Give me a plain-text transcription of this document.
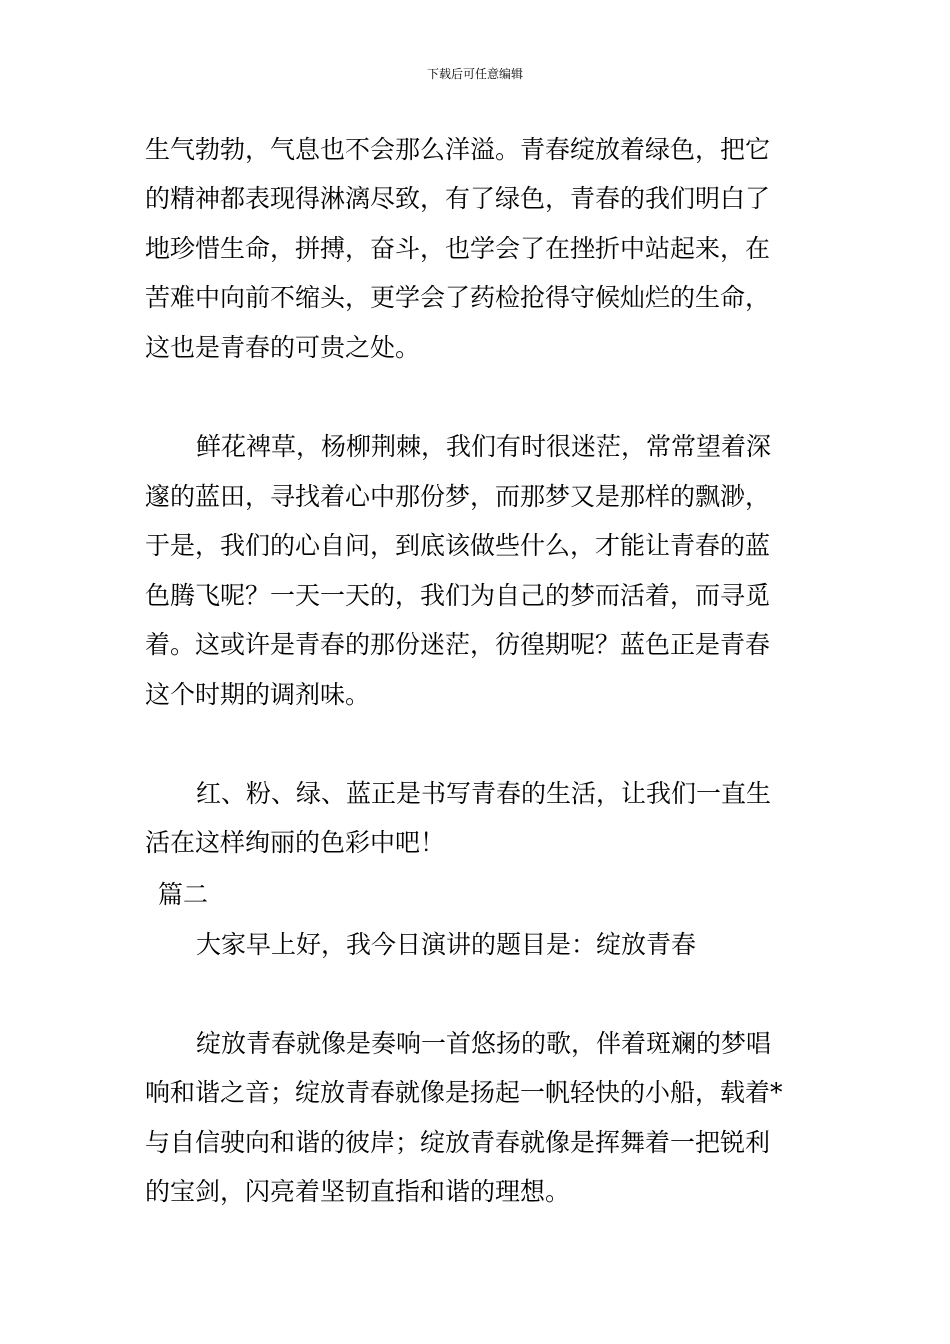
下载后可任意编辑
生气勃勃，气息也不会那么洋溢。青春绽放着绿色，把它
的精神都表现得淋漓尽致，有了绿色，青春的我们明白了
地珍惜生命，拼搏，奋斗，也学会了在挫折中站起来，在
苦难中向前不缩头，更学会了药检抢得守候灿烂的生命，
这也是青春的可贵之处。
鲜花裨草，杨柳荆棘，我们有时很迷茫，常常望着深
邃的蓝田，寻找着心中那份梦，而那梦又是那样的飘渺，
于是，我们的心自问，到底该做些什么，才能让青春的蓝
色腾飞呢？一天一天的，我们为自己的梦而活着，而寻觅
着。这或许是青春的那份迷茫，彷徨期呢？蓝色正是青春
这个时期的调剂味。
红、粉、绿、蓝正是书写青春的生活，让我们一直生
活在这样绚丽的色彩中吧！
篇二
大家早上好，我今日演讲的题目是：绽放青春
绽放青春就像是奏响一首悠扬的歌，伴着斑斓的梦唱
响和谐之音；绽放青春就像是扬起一帆轻快的小船，载着*
与自信驶向和谐的彼岸；绽放青春就像是挥舞着一把锐利
的宝剑，闪亮着坚韧直指和谐的理想。
